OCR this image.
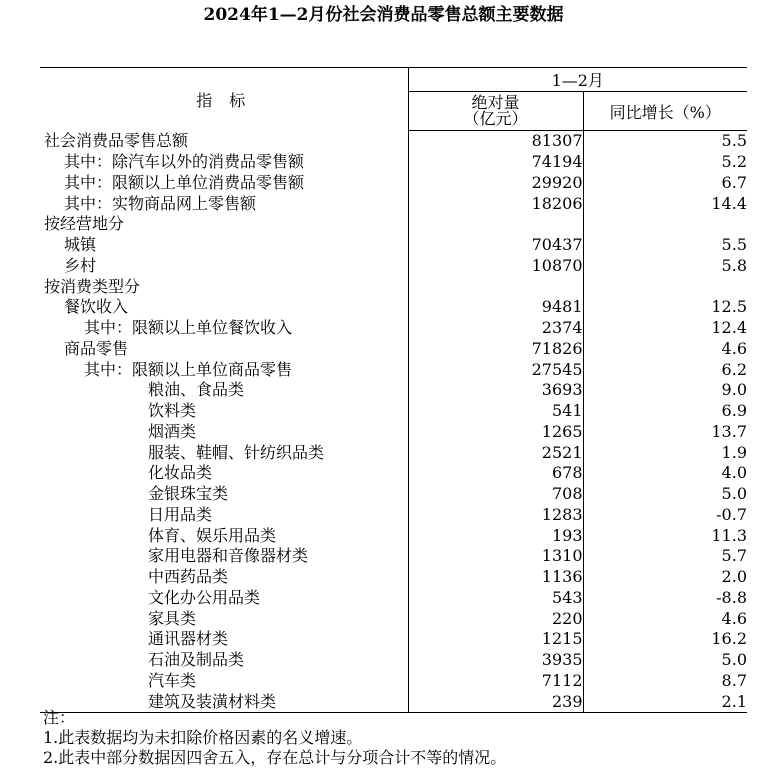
2024年1—2月份社会消费品零售总额主要数据
指 标	1—2月	

	绝对量
（亿元）	同比增长（%）
社会消费品零售总额	81307	5.5
其中：除汽车以外的消费品零售额	74194	5.2
其中：限额以上单位消费品零售额	29920	6.7
其中：实物商品网上零售额	18206	14.4
按经营地分		
城镇	70437	5.5
乡村	10870	5.8
按消费类型分		
餐饮收入	9481	12.5
其中：限额以上单位餐饮收入	2374	12.4
商品零售	71826	4.6
其中：限额以上单位商品零售	27545	6.2
粮油、食品类	3693	9.0
饮料类	541	6.9
烟酒类	1265	13.7
服装、鞋帽、针纺织品类	2521	1.9
化妆品类	678	4.0
金银珠宝类	708	5.0
日用品类	1283	-0.7
体育、娱乐用品类	193	11.3
家用电器和音像器材类	1310	5.7
中西药品类	1136	2.0
文化办公用品类	543	-8.8
家具类	220	4.6
通讯器材类	1215	16.2
石油及制品类	3935	5.0
汽车类	7112	8.7
建筑及装潢材料类	239	2.1
注：
1.此表数据均为未扣除价格因素的名义增速。
2.此表中部分数据因四舍五入，存在总计与分项合计不等的情况。
